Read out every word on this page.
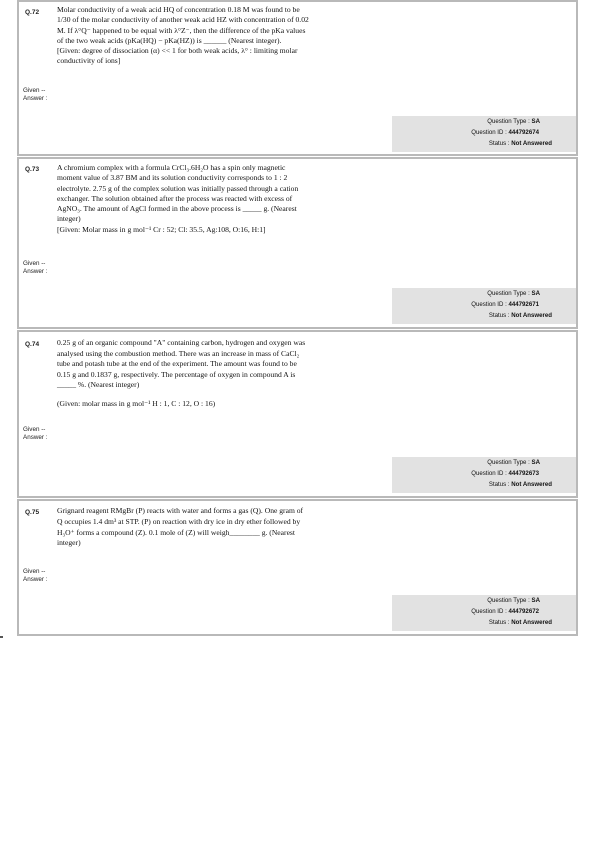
Q.72 Molar conductivity of a weak acid HQ of concentration 0.18 M was found to be
1/30 of the molar conductivity of another weak acid HZ with concentration of 0.02
M. If λ°Q⁻ happened to be equal with λ°Z⁻, then the difference of the pKa values
of the two weak acids (pKa(HQ) − pKa(HZ)) is ______ (Nearest integer).
[Given: degree of dissociation (α) << 1 for both weak acids, λ° : limiting molar
conductivity of ions]
Given --
Answer :
Question Type : SA
Question ID : 444792674
Status : Not Answered
Q.73 A chromium complex with a formula CrCl₃.6H₂O has a spin only magnetic
moment value of 3.87 BM and its solution conductivity corresponds to 1 : 2
electrolyte. 2.75 g of the complex solution was initially passed through a cation
exchanger. The solution obtained after the process was reacted with excess of
AgNO₃. The amount of AgCl formed in the above process is _____ g. (Nearest
integer)
[Given: Molar mass in g mol⁻¹ Cr : 52; Cl: 35.5, Ag:108, O:16, H:1]
Given --
Answer :
Question Type : SA
Question ID : 444792671
Status : Not Answered
Q.74 0.25 g of an organic compound "A" containing carbon, hydrogen and oxygen was
analysed using the combustion method. There was an increase in mass of CaCl₂
tube and potash tube at the end of the experiment. The amount was found to be
0.15 g and 0.1837 g, respectively. The percentage of oxygen in compound A is
_____ %. (Nearest integer)
(Given: molar mass in g mol⁻¹ H : 1, C : 12, O : 16)
Given --
Answer :
Question Type : SA
Question ID : 444792673
Status : Not Answered
Q.75 Grignard reagent RMgBr (P) reacts with water and forms a gas (Q). One gram of
Q occupies 1.4 dm³ at STP. (P) on reaction with dry ice in dry ether followed by
H₃O⁺ forms a compound (Z). 0.1 mole of (Z) will weigh________ g. (Nearest
integer)
Given --
Answer :
Question Type : SA
Question ID : 444792672
Status : Not Answered
